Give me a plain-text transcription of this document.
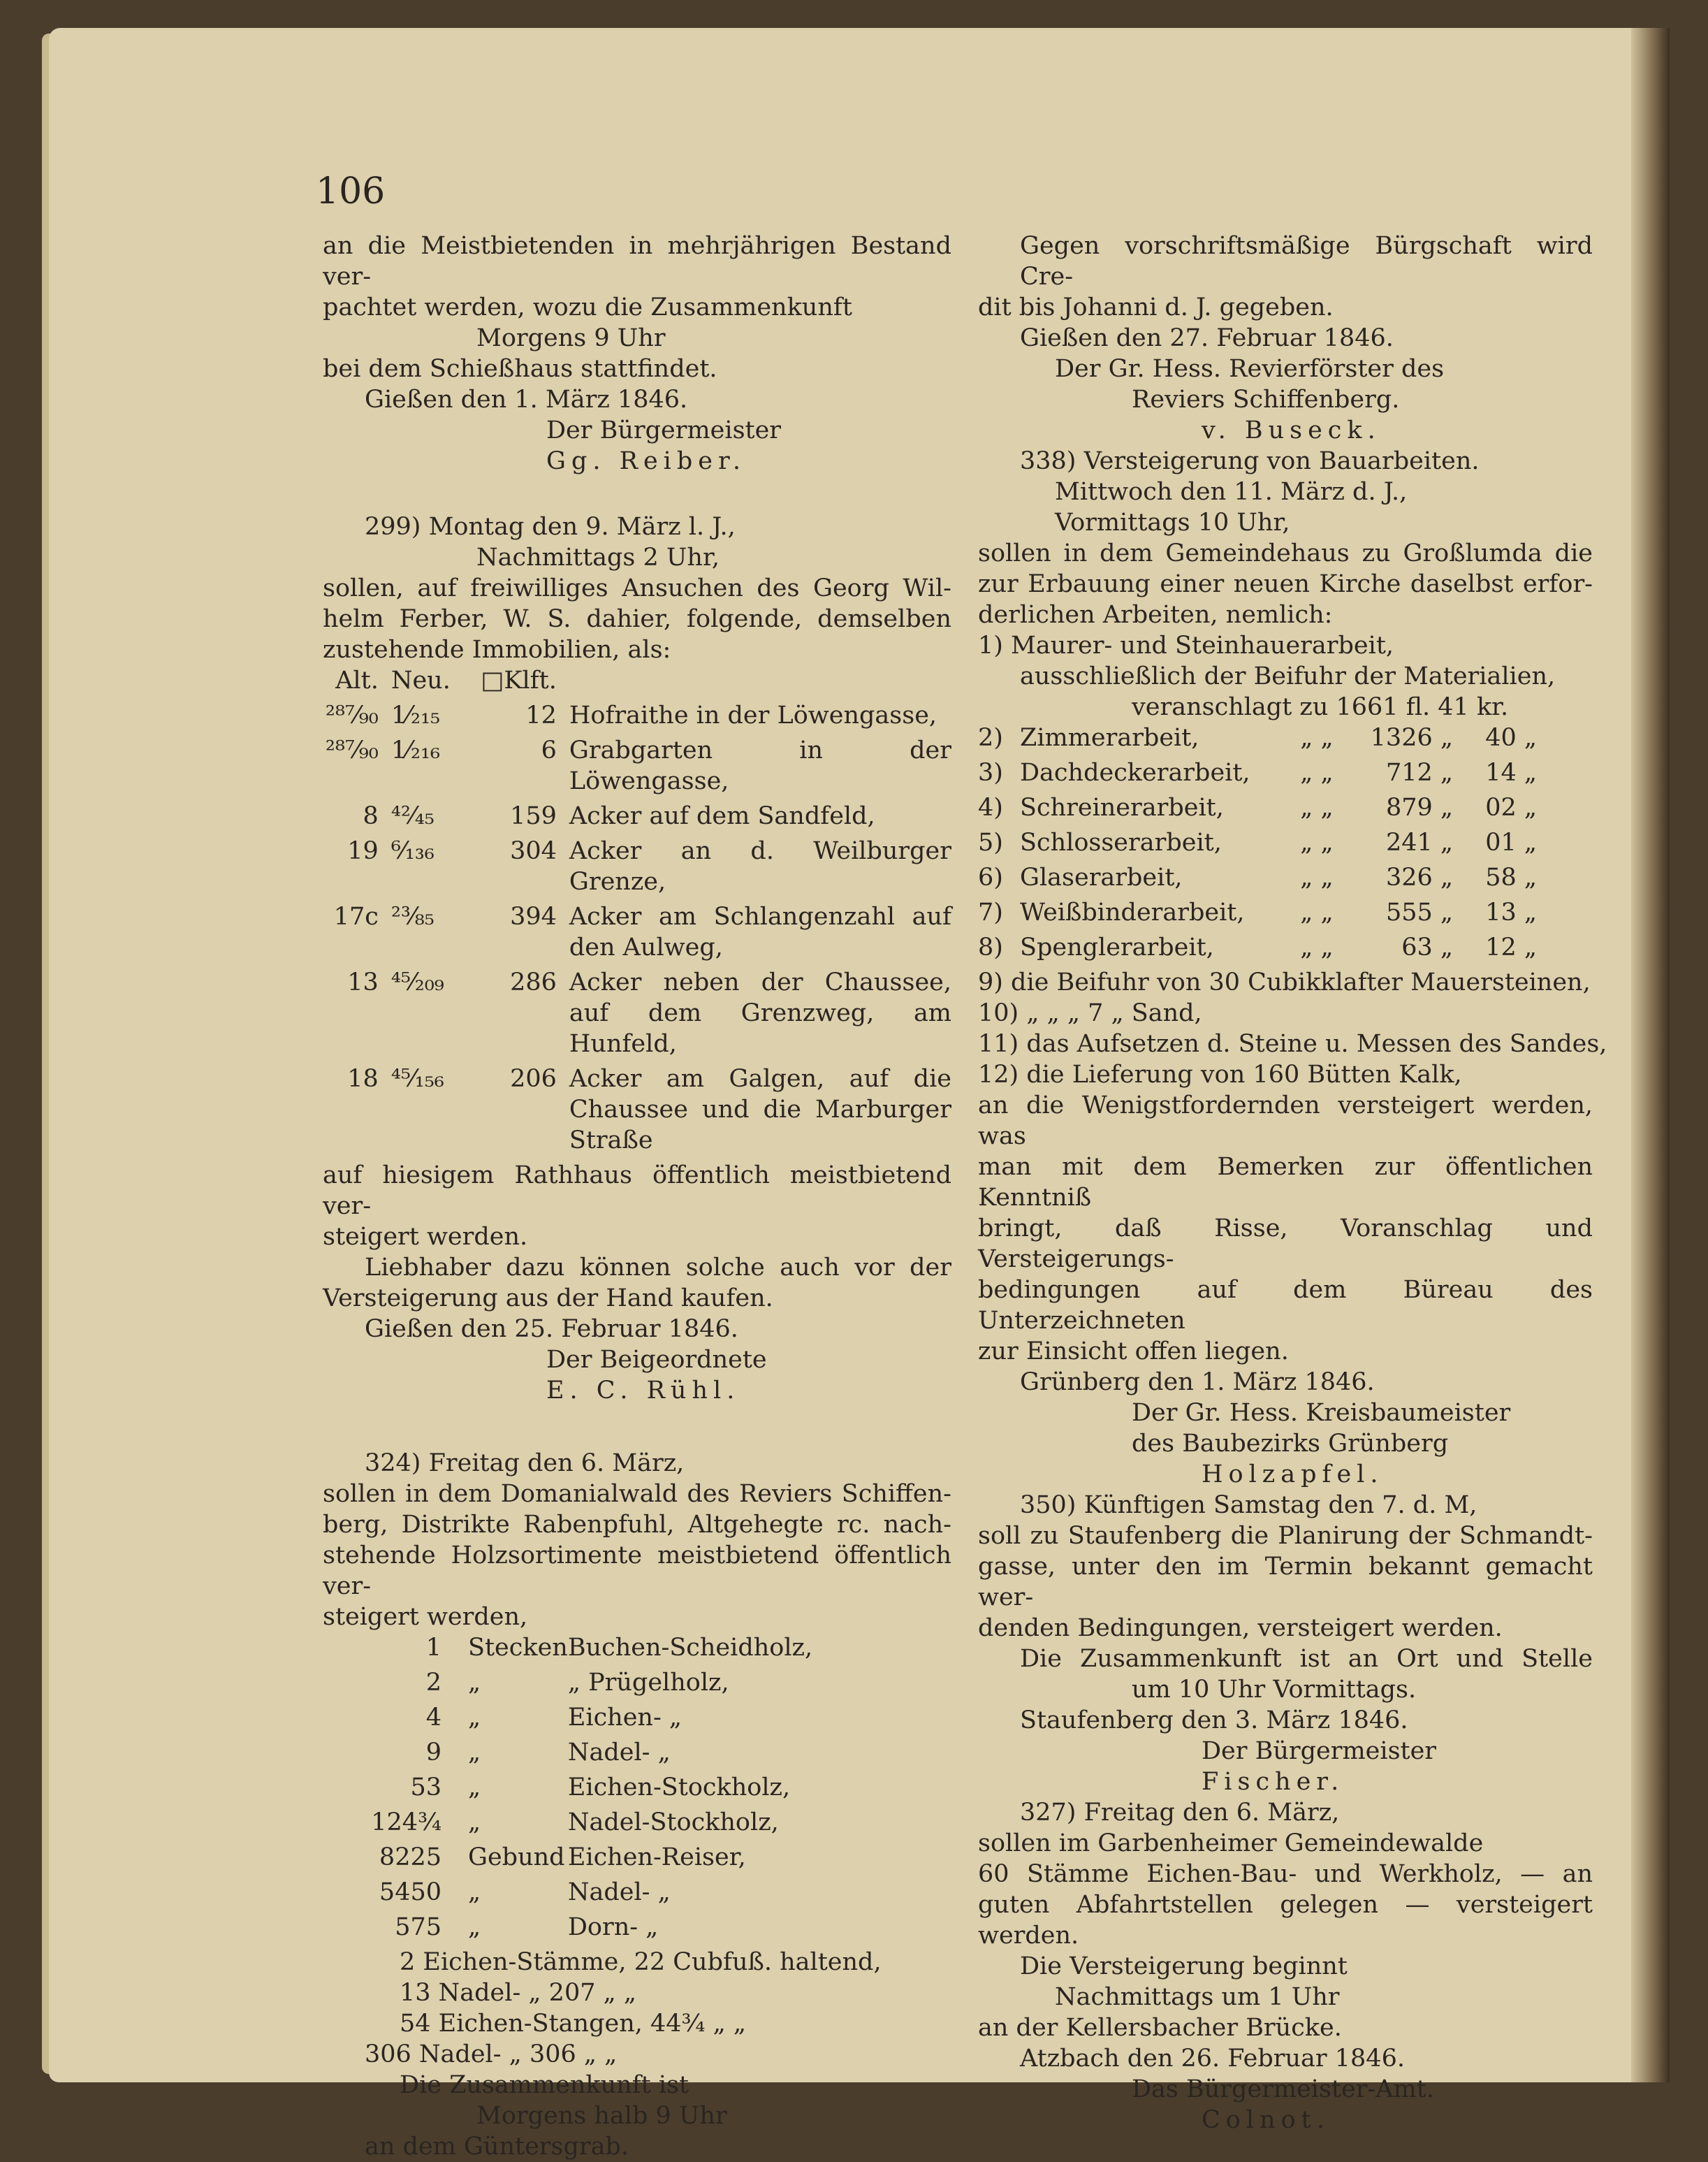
106
an die Meistbietenden in mehrjährigen Bestand ver-
pachtet werden, wozu die Zusammenkunft
Morgens 9 Uhr
bei dem Schießhaus stattfindet.
Gießen den 1. März 1846.
Der Bürgermeister
Gg. Reiber.
299) Montag den 9. März l. J.,
Nachmittags 2 Uhr,
sollen, auf freiwilliges Ansuchen des Georg Wil-
helm Ferber, W. S. dahier, folgende, demselben
zustehende Immobilien, als:
Alt.	Neu.	□Klft.	
²⁸⁷⁄₉₀	1⁄₂₁₅	12	Hofraithe in der Löwengasse,
²⁸⁷⁄₉₀	1⁄₂₁₆	6	Grabgarten in der Löwengasse,
8	⁴²⁄₄₅	159	Acker auf dem Sandfeld,
19	⁶⁄₁₃₆	304	Acker an d. Weilburger Grenze,
17c	²³⁄₈₅	394	Acker am Schlangenzahl auf den Aulweg,
13	⁴⁵⁄₂₀₉	286	Acker neben der Chaussee, auf dem Grenzweg, am Hunfeld,
18	⁴⁵⁄₁₅₆	206	Acker am Galgen, auf die Chaussee und die Marburger Straße
auf hiesigem Rathhaus öffentlich meistbietend ver-
steigert werden.
Liebhaber dazu können solche auch vor der
Versteigerung aus der Hand kaufen.
Gießen den 25. Februar 1846.
Der Beigeordnete
E. C. Rühl.
324) Freitag den 6. März,
sollen in dem Domanialwald des Reviers Schiffen-
berg, Distrikte Rabenpfuhl, Altgehegte rc. nach-
stehende Holzsortimente meistbietend öffentlich ver-
steigert werden,
1	Stecken	Buchen-Scheidholz,
2	„	„ Prügelholz,
4	„	Eichen- „
9	„	Nadel- „
53	„	Eichen-Stockholz,
124¾	„	Nadel-Stockholz,
8225	Gebund	Eichen-Reiser,
5450	„	Nadel- „
575	„	Dorn- „
2 Eichen-Stämme, 22 Cubfuß. haltend,
13 Nadel- „ 207 „ „
54 Eichen-Stangen, 44¾ „ „
306 Nadel- „ 306 „ „
Die Zusammenkunft ist
Morgens halb 9 Uhr
an dem Güntersgrab.
Gegen vorschriftsmäßige Bürgschaft wird Cre-
dit bis Johanni d. J. gegeben.
Gießen den 27. Februar 1846.
Der Gr. Hess. Revierförster des
Reviers Schiffenberg.
v. Buseck.
338) Versteigerung von Bauarbeiten.
Mittwoch den 11. März d. J.,
Vormittags 10 Uhr,
sollen in dem Gemeindehaus zu Großlumda die
zur Erbauung einer neuen Kirche daselbst erfor-
derlichen Arbeiten, nemlich:
1) Maurer- und Steinhauerarbeit,
ausschließlich der Beifuhr der Materialien,
veranschlagt zu 1661 fl. 41 kr.
2)	Zimmerarbeit,	„ „	1326 „	40 „
3)	Dachdeckerarbeit,	„ „	712 „	14 „
4)	Schreinerarbeit,	„ „	879 „	02 „
5)	Schlosserarbeit,	„ „	241 „	01 „
6)	Glaserarbeit,	„ „	326 „	58 „
7)	Weißbinderarbeit,	„ „	555 „	13 „
8)	Spenglerarbeit,	„ „	63 „	12 „
9) die Beifuhr von 30 Cubikklafter Mauersteinen,
10) „ „ „ 7 „ Sand,
11) das Aufsetzen d. Steine u. Messen des Sandes,
12) die Lieferung von 160 Bütten Kalk,
an die Wenigstfordernden versteigert werden, was
man mit dem Bemerken zur öffentlichen Kenntniß
bringt, daß Risse, Voranschlag und Versteigerungs-
bedingungen auf dem Büreau des Unterzeichneten
zur Einsicht offen liegen.
Grünberg den 1. März 1846.
Der Gr. Hess. Kreisbaumeister
des Baubezirks Grünberg
Holzapfel.
350) Künftigen Samstag den 7. d. M,
soll zu Staufenberg die Planirung der Schmandt-
gasse, unter den im Termin bekannt gemacht wer-
denden Bedingungen, versteigert werden.
Die Zusammenkunft ist an Ort und Stelle
um 10 Uhr Vormittags.
Staufenberg den 3. März 1846.
Der Bürgermeister
Fischer.
327) Freitag den 6. März,
sollen im Garbenheimer Gemeindewalde
60 Stämme Eichen-Bau- und Werkholz, — an
guten Abfahrtstellen gelegen — versteigert werden.
Die Versteigerung beginnt
Nachmittags um 1 Uhr
an der Kellersbacher Brücke.
Atzbach den 26. Februar 1846.
Das Bürgermeister-Amt.
Colnot.
